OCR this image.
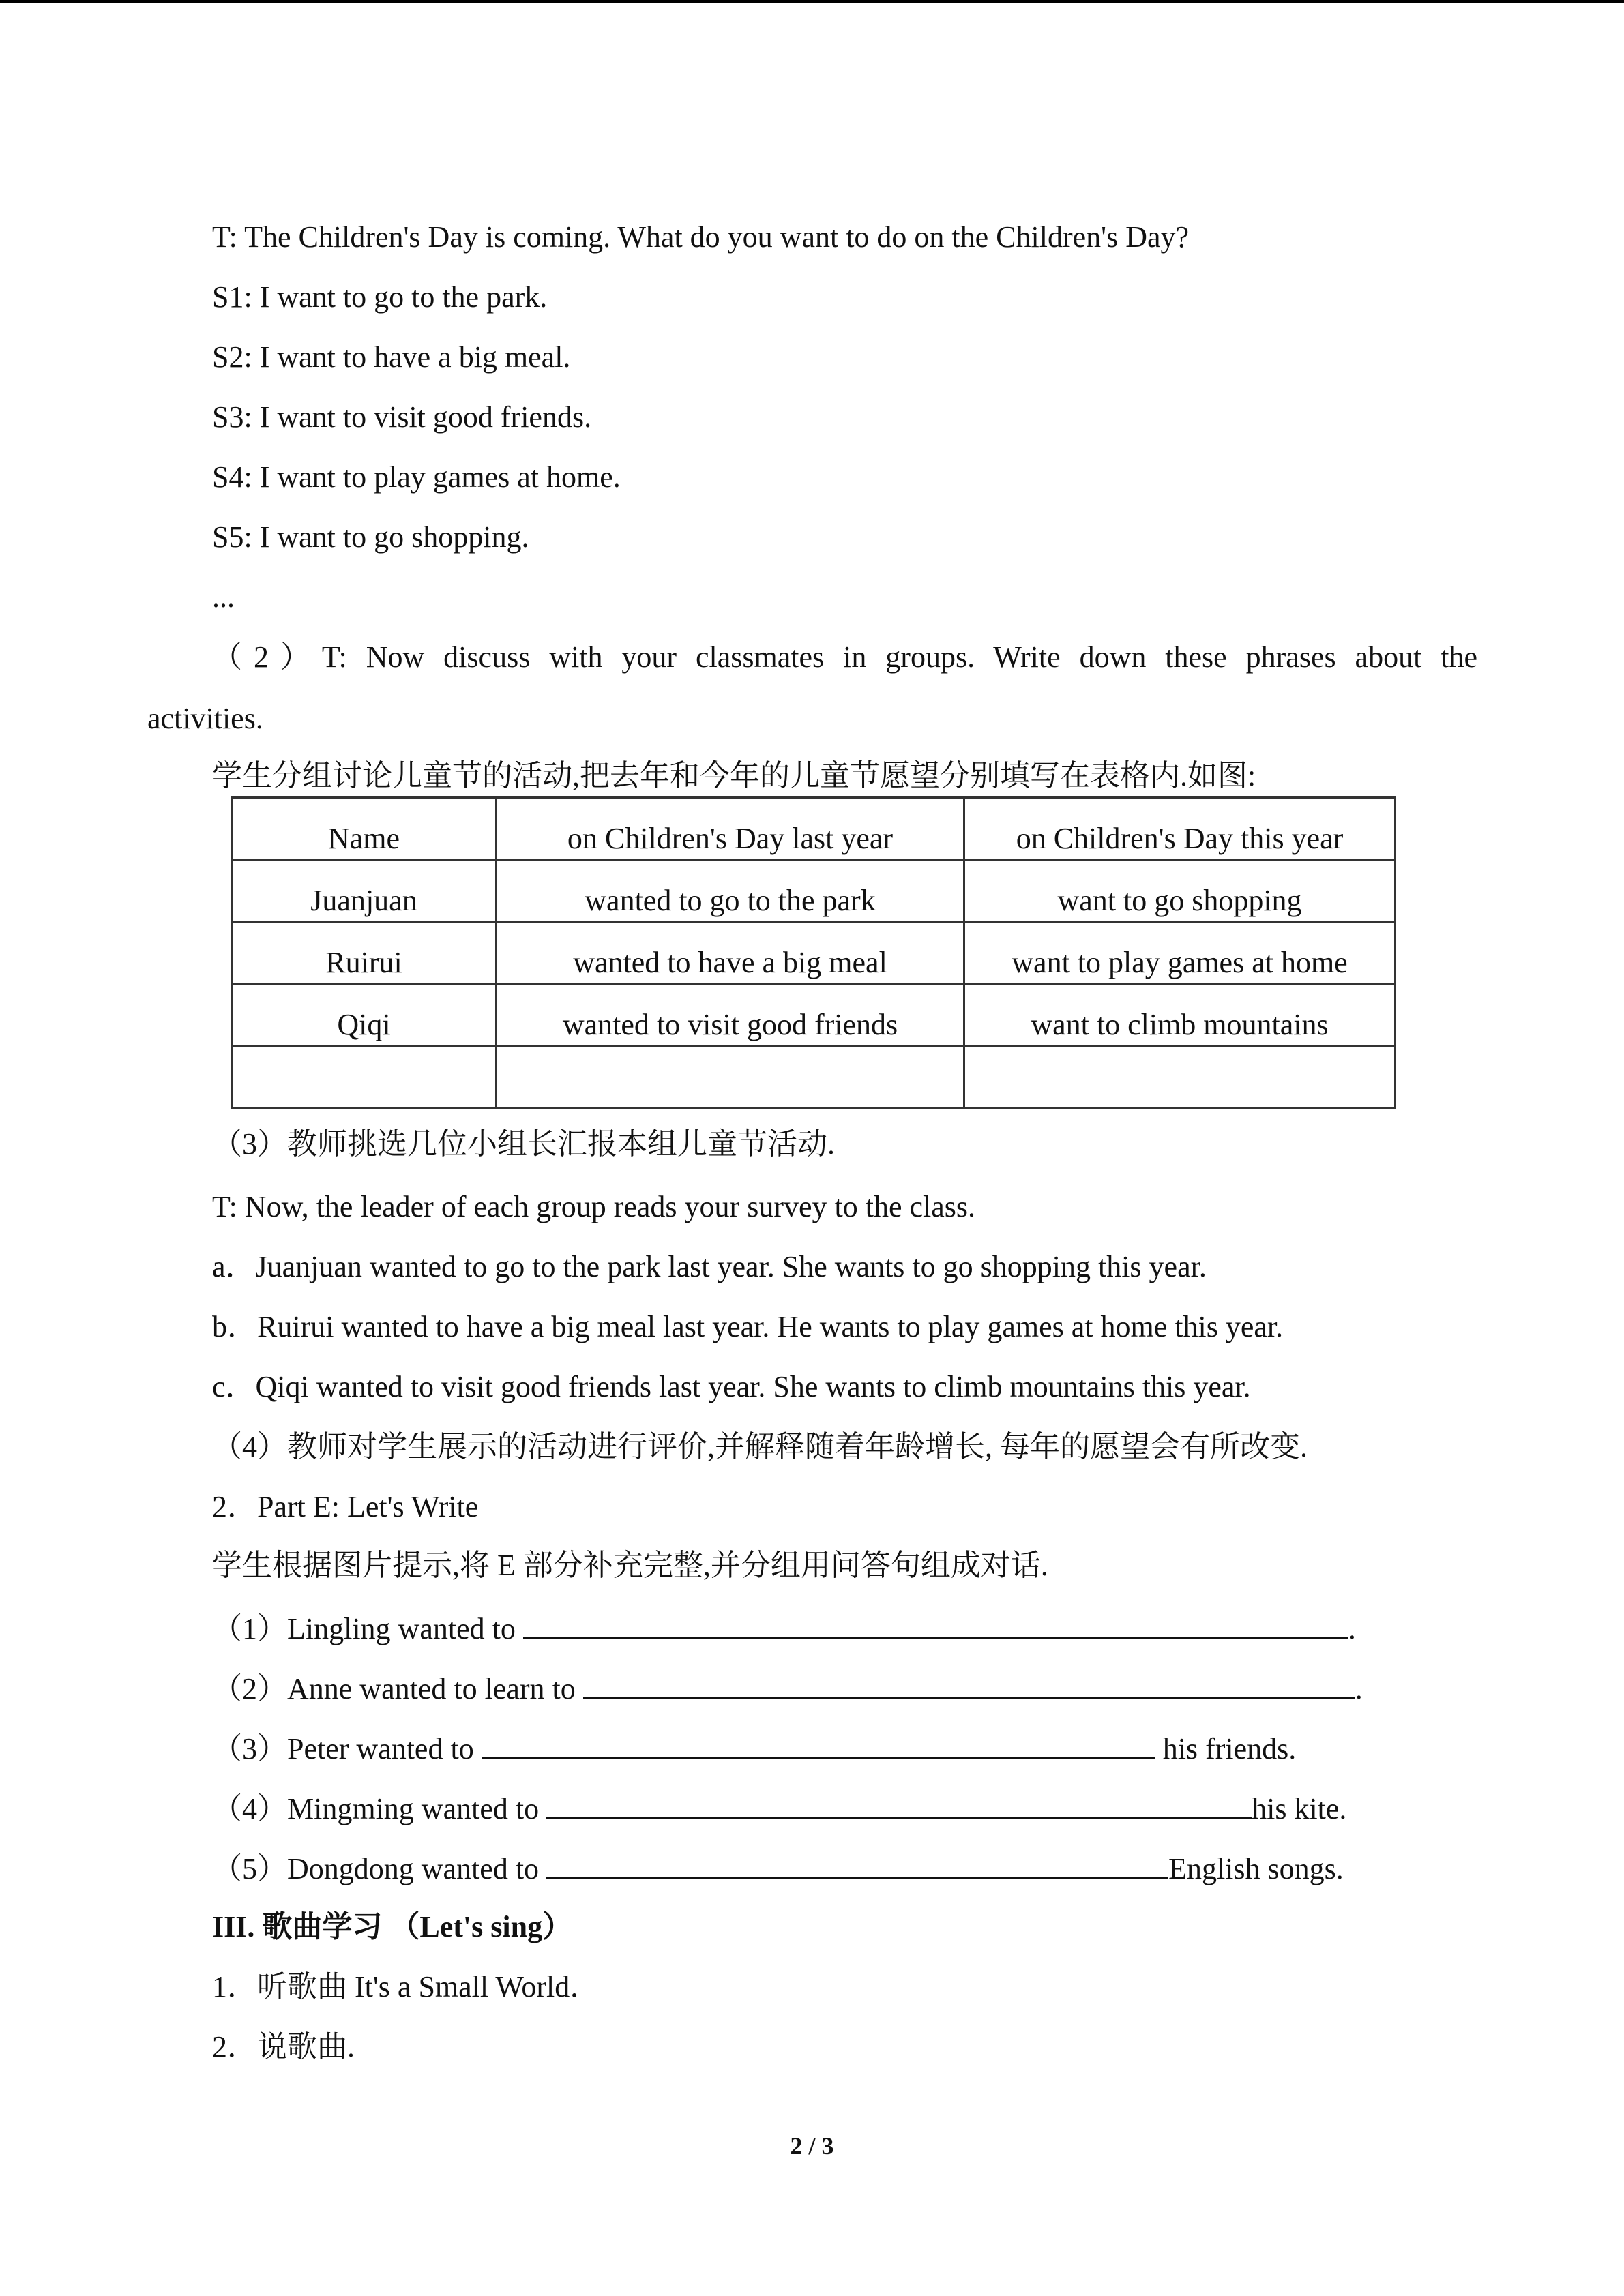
T: The Children's Day is coming. What do you want to do on the Children's Day?
S1: I want to go to the park.
S2: I want to have a big meal.
S3: I want to visit good friends.
S4: I want to play games at home.
S5: I want to go shopping.
...
（2）T: Now discuss with your classmates in groups. Write down these phrases about the
activities.
学生分组讨论儿童节的活动,把去年和今年的儿童节愿望分别填写在表格内.如图:
Name	on Children's Day last year	on Children's Day this year
Juanjuan	wanted to go to the park	want to go shopping
Ruirui	wanted to have a big meal	want to play games at home
Qiqi	wanted to visit good friends	want to climb mountains

（3）教师挑选几位小组长汇报本组儿童节活动.
T: Now, the leader of each group reads your survey to the class.
a．Juanjuan wanted to go to the park last year. She wants to go shopping this year.
b．Ruirui wanted to have a big meal last year. He wants to play games at home this year.
c．Qiqi wanted to visit good friends last year. She wants to climb mountains this year.
（4）教师对学生展示的活动进行评价,并解释随着年龄增长, 每年的愿望会有所改变.
2．Part E: Let's Write
学生根据图片提示,将 E 部分补充完整,并分组用问答句组成对话.
（1）Lingling wanted to	.
（2）Anne wanted to learn to	.
（3）Peter wanted to	his friends.
（4）Mingming wanted to	his kite.
（5）Dongdong wanted to	English songs.
III. 歌曲学习 （Let's sing）
1．听歌曲 It's a Small World．
2．说歌曲.
2 / 3
